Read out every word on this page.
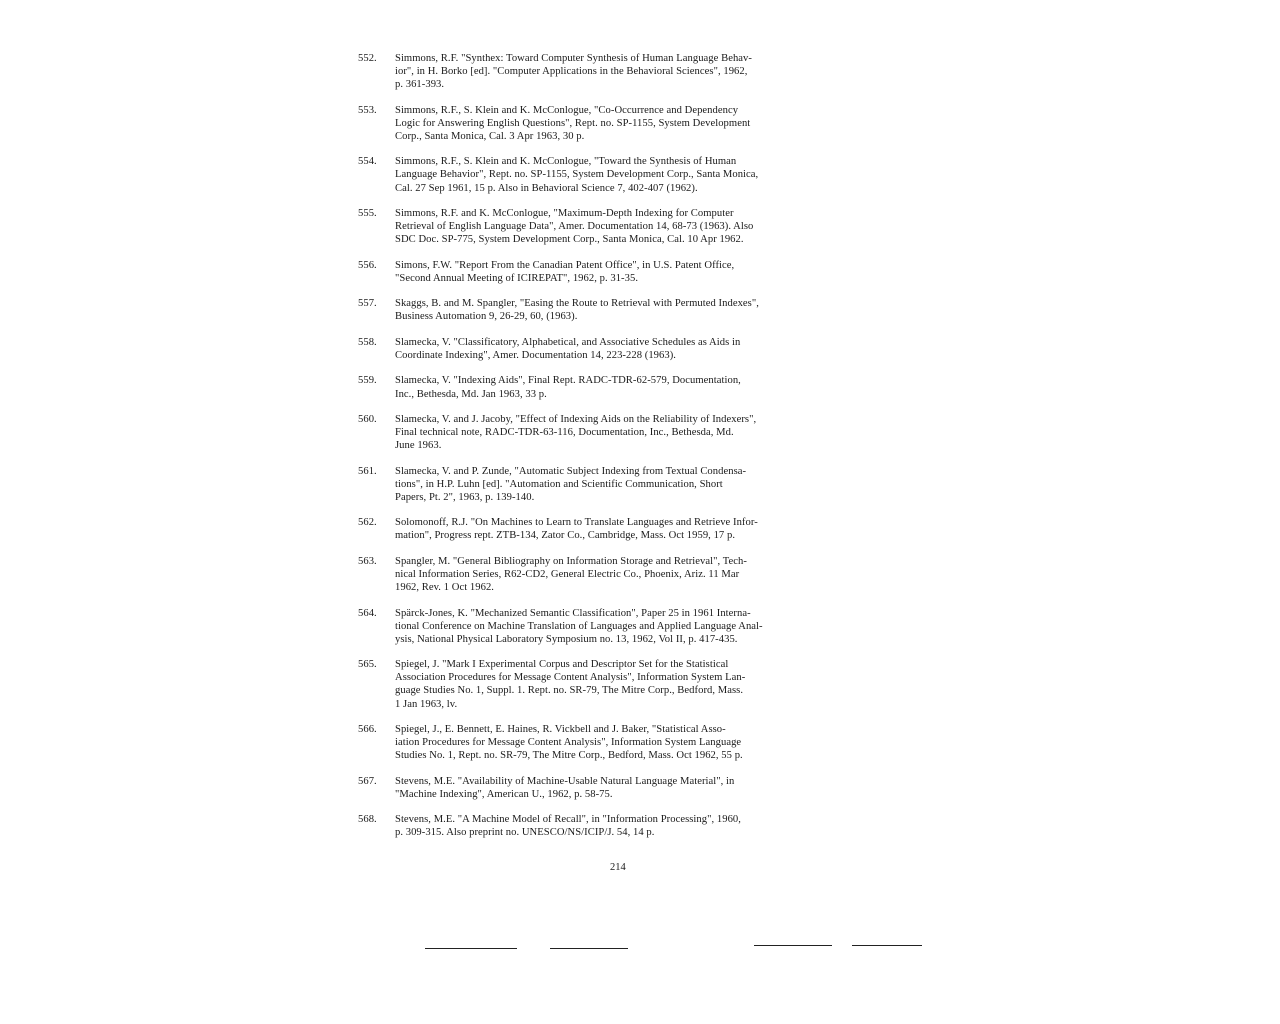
552.	Simmons, R.F. "Synthex: Toward Computer Synthesis of Human Language Behav-
ior", in H. Borko [ed]. "Computer Applications in the Behavioral Sciences", 1962,
p. 361-393.
553.	Simmons, R.F., S. Klein and K. McConlogue, "Co-Occurrence and Dependency
Logic for Answering English Questions", Rept. no. SP-1155, System Development
Corp., Santa Monica, Cal. 3 Apr 1963, 30 p.
554.	Simmons, R.F., S. Klein and K. McConlogue, "Toward the Synthesis of Human
Language Behavior", Rept. no. SP-1155, System Development Corp., Santa Monica,
Cal. 27 Sep 1961, 15 p. Also in Behavioral Science 7, 402-407 (1962).
555.	Simmons, R.F. and K. McConlogue, "Maximum-Depth Indexing for Computer
Retrieval of English Language Data", Amer. Documentation 14, 68-73 (1963). Also
SDC Doc. SP-775, System Development Corp., Santa Monica, Cal. 10 Apr 1962.
556.	Simons, F.W. "Report From the Canadian Patent Office", in U.S. Patent Office,
"Second Annual Meeting of ICIREPAT", 1962, p. 31-35.
557.	Skaggs, B. and M. Spangler, "Easing the Route to Retrieval with Permuted Indexes",
Business Automation 9, 26-29, 60, (1963).
558.	Slamecka, V. "Classificatory, Alphabetical, and Associative Schedules as Aids in
Coordinate Indexing", Amer. Documentation 14, 223-228 (1963).
559.	Slamecka, V. "Indexing Aids", Final Rept. RADC-TDR-62-579, Documentation,
Inc., Bethesda, Md. Jan 1963, 33 p.
560.	Slamecka, V. and J. Jacoby, "Effect of Indexing Aids on the Reliability of Indexers",
Final technical note, RADC-TDR-63-116, Documentation, Inc., Bethesda, Md.
June 1963.
561.	Slamecka, V. and P. Zunde, "Automatic Subject Indexing from Textual Condensa-
tions", in H.P. Luhn [ed]. "Automation and Scientific Communication, Short
Papers, Pt. 2", 1963, p. 139-140.
562.	Solomonoff, R.J. "On Machines to Learn to Translate Languages and Retrieve Infor-
mation", Progress rept. ZTB-134, Zator Co., Cambridge, Mass. Oct 1959, 17 p.
563.	Spangler, M. "General Bibliography on Information Storage and Retrieval", Tech-
nical Information Series, R62-CD2, General Electric Co., Phoenix, Ariz. 11 Mar
1962, Rev. 1 Oct 1962.
564.	Spärck-Jones, K. "Mechanized Semantic Classification", Paper 25 in 1961 Interna-
tional Conference on Machine Translation of Languages and Applied Language Anal-
ysis, National Physical Laboratory Symposium no. 13, 1962, Vol II, p. 417-435.
565.	Spiegel, J. "Mark I Experimental Corpus and Descriptor Set for the Statistical
Association Procedures for Message Content Analysis", Information System Lan-
guage Studies No. 1, Suppl. 1. Rept. no. SR-79, The Mitre Corp., Bedford, Mass.
1 Jan 1963, lv.
566.	Spiegel, J., E. Bennett, E. Haines, R. Vickbell and J. Baker, "Statistical Asso-
iation Procedures for Message Content Analysis", Information System Language
Studies No. 1, Rept. no. SR-79, The Mitre Corp., Bedford, Mass. Oct 1962, 55 p.
567.	Stevens, M.E. "Availability of Machine-Usable Natural Language Material", in
"Machine Indexing", American U., 1962, p. 58-75.
568.	Stevens, M.E. "A Machine Model of Recall", in "Information Processing", 1960,
p. 309-315. Also preprint no. UNESCO/NS/ICIP/J. 54, 14 p.
214
